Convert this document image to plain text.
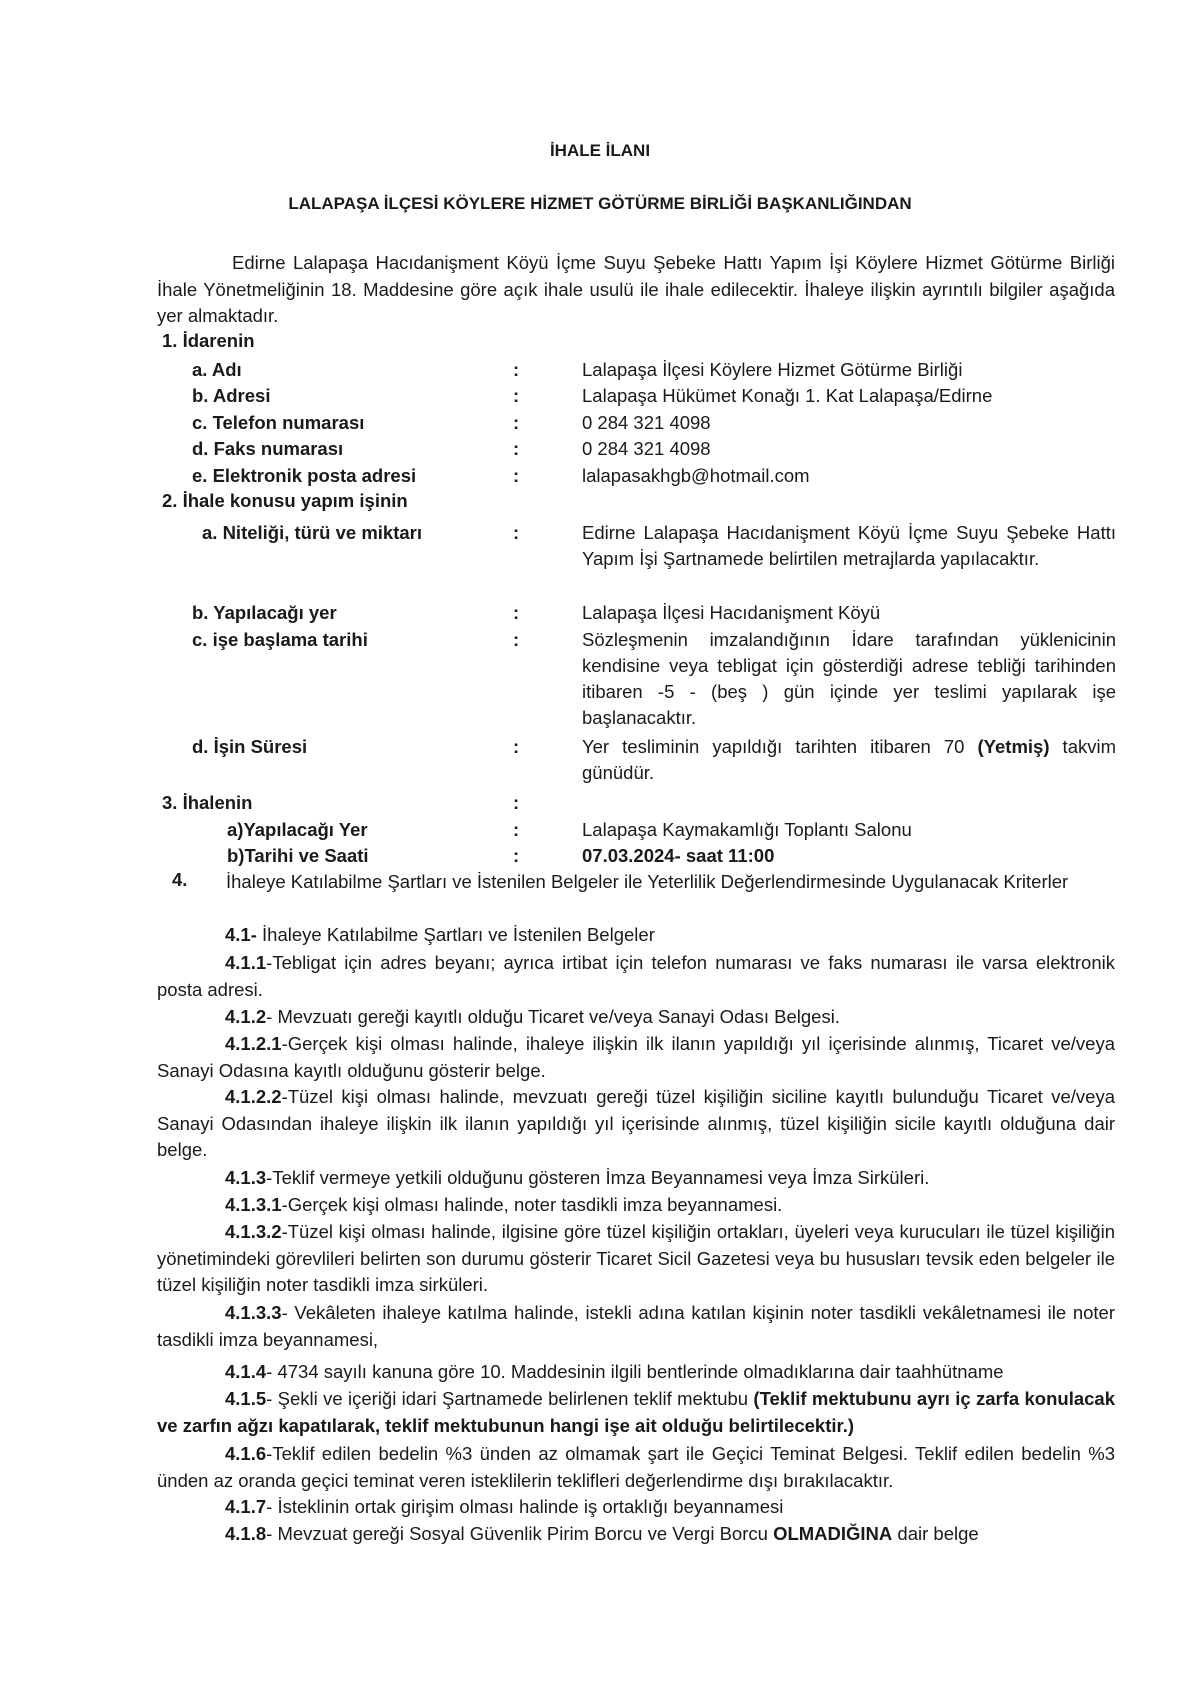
İHALE İLANI
LALAPAŞA İLÇESİ KÖYLERE HİZMET GÖTÜRME BİRLİĞİ BAŞKANLIĞINDAN
Edirne Lalapaşa Hacıdanişment Köyü İçme Suyu Şebeke Hattı Yapım İşi Köylere Hizmet Götürme Birliği İhale Yönetmeliğinin 18. Maddesine göre açık ihale usulü ile ihale edilecektir. İhaleye ilişkin ayrıntılı bilgiler aşağıda yer almaktadır.
1. İdarenin
a. Adı	:	Lalapaşa İlçesi Köylere Hizmet Götürme Birliği
b. Adresi	:	Lalapaşa Hükümet Konağı 1. Kat Lalapaşa/Edirne
c. Telefon numarası	:	0 284 321 4098
d. Faks numarası	:	0 284 321 4098
e. Elektronik posta adresi	:	lalapasakhgb@hotmail.com
2. İhale konusu yapım işinin
a. Niteliği, türü ve miktarı	:	Edirne Lalapaşa Hacıdanişment Köyü İçme Suyu Şebeke Hattı Yapım İşi Şartnamede belirtilen metrajlarda yapılacaktır.
b. Yapılacağı yer	:	Lalapaşa İlçesi Hacıdanişment Köyü
c. işe başlama tarihi	:	Sözleşmenin imzalandığının İdare tarafından yüklenicinin kendisine veya tebligat için gösterdiği adrese tebliği tarihinden itibaren -5 - (beş ) gün içinde yer teslimi yapılarak işe başlanacaktır.
d. İşin Süresi	:	Yer tesliminin yapıldığı tarihten itibaren 70 (Yetmiş) takvim günüdür.
3. İhalenin	:
a)Yapılacağı Yer	:	Lalapaşa Kaymakamlığı Toplantı Salonu
b)Tarihi ve Saati	:	07.03.2024- saat 11:00
4. İhaleye Katılabilme Şartları ve İstenilen Belgeler ile Yeterlilik Değerlendirmesinde Uygulanacak Kriterler
4.1- İhaleye Katılabilme Şartları ve İstenilen Belgeler
4.1.1-Tebligat için adres beyanı; ayrıca irtibat için telefon numarası ve faks numarası ile varsa elektronik posta adresi.
4.1.2- Mevzuatı gereği kayıtlı olduğu Ticaret ve/veya Sanayi Odası Belgesi.
4.1.2.1-Gerçek kişi olması halinde, ihaleye ilişkin ilk ilanın yapıldığı yıl içerisinde alınmış, Ticaret ve/veya Sanayi Odasına kayıtlı olduğunu gösterir belge.
4.1.2.2-Tüzel kişi olması halinde, mevzuatı gereği tüzel kişiliğin siciline kayıtlı bulunduğu Ticaret ve/veya Sanayi Odasından ihaleye ilişkin ilk ilanın yapıldığı yıl içerisinde alınmış, tüzel kişiliğin sicile kayıtlı olduğuna dair belge.
4.1.3-Teklif vermeye yetkili olduğunu gösteren İmza Beyannamesi veya İmza Sirküleri.
4.1.3.1-Gerçek kişi olması halinde, noter tasdikli imza beyannamesi.
4.1.3.2-Tüzel kişi olması halinde, ilgisine göre tüzel kişiliğin ortakları, üyeleri veya kurucuları ile tüzel kişiliğin yönetimindeki görevlileri belirten son durumu gösterir Ticaret Sicil Gazetesi veya bu hususları tevsik eden belgeler ile tüzel kişiliğin noter tasdikli imza sirküleri.
4.1.3.3- Vekâleten ihaleye katılma halinde, istekli adına katılan kişinin noter tasdikli vekâletnamesi ile noter tasdikli imza beyannamesi,
4.1.4- 4734 sayılı kanuna göre 10. Maddesinin ilgili bentlerinde olmadıklarına dair taahhütname
4.1.5- Şekli ve içeriği idari Şartnamede belirlenen teklif mektubu (Teklif mektubunu ayrı iç zarfa konulacak ve zarfın ağzı kapatılarak, teklif mektubunun hangi işe ait olduğu belirtilecektir.)
4.1.6-Teklif edilen bedelin %3 ünden az olmamak şart ile Geçici Teminat Belgesi. Teklif edilen bedelin %3 ünden az oranda geçici teminat veren isteklilerin teklifleri değerlendirme dışı bırakılacaktır.
4.1.7- İsteklinin ortak girişim olması halinde iş ortaklığı beyannamesi
4.1.8- Mevzuat gereği Sosyal Güvenlik Pirim Borcu ve Vergi Borcu OLMADIĞINA dair belge
